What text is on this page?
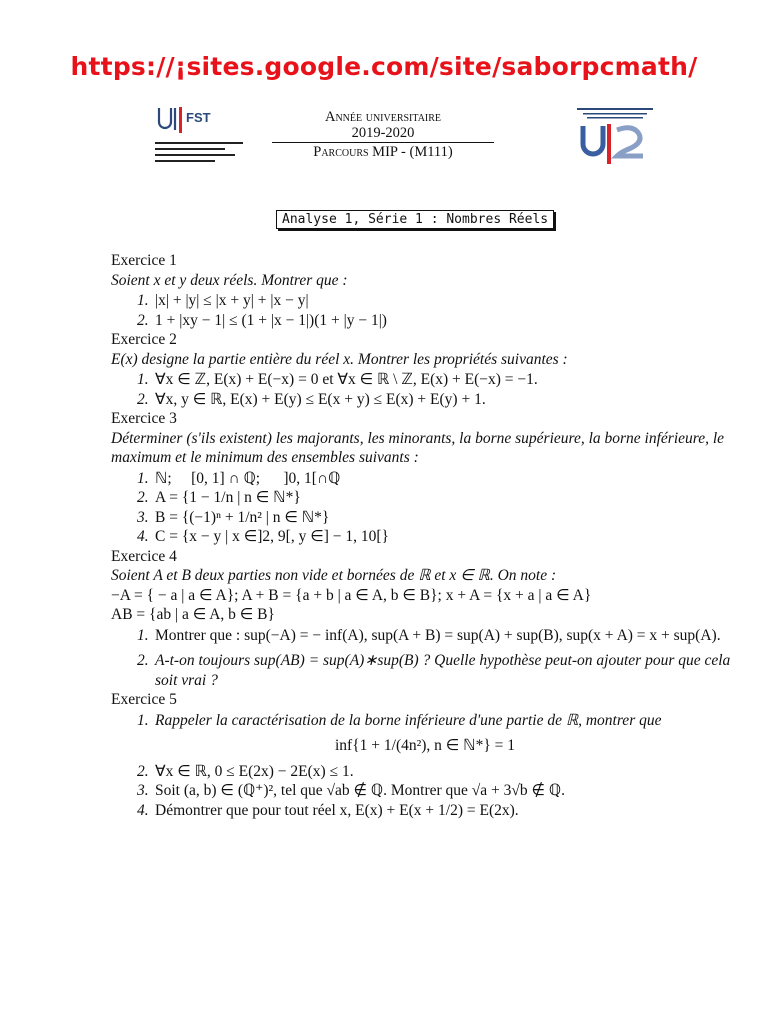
https://¡sites.google.com/site/saborpcmath/
FST	Année universitaire
2019-2020
Parcours MIP - (M111)
Analyse 1, Série 1 : Nombres Réels
Exercice 1
Soient x et y deux réels. Montrer que :
1. |x| + |y| ≤ |x + y| + |x − y|
2. 1 + |xy − 1| ≤ (1 + |x − 1|)(1 + |y − 1|)
Exercice 2
E(x) designe la partie entière du réel x. Montrer les propriétés suivantes :
1. ∀x ∈ ℤ, E(x) + E(−x) = 0 et ∀x ∈ ℝ \ ℤ, E(x) + E(−x) = −1.
2. ∀x, y ∈ ℝ, E(x) + E(y) ≤ E(x + y) ≤ E(x) + E(y) + 1.
Exercice 3
Déterminer (s'ils existent) les majorants, les minorants, la borne supérieure, la borne inférieure, le maximum et le minimum des ensembles suivants :
1. ℕ;     [0, 1] ∩ ℚ;      ]0, 1[∩ℚ
2. A = {1 − 1/n | n ∈ ℕ*}
3. B = {(−1)ⁿ + 1/n² | n ∈ ℕ*}
4. C = {x − y | x ∈]2, 9[, y ∈] − 1, 10[}
Exercice 4
Soient A et B deux parties non vide et bornées de ℝ et x ∈ ℝ. On note :
−A = { − a | a ∈ A}; A + B = {a + b | a ∈ A, b ∈ B}; x + A = {x + a | a ∈ A}
AB = {ab | a ∈ A, b ∈ B}
1. Montrer que : sup(−A) = − inf(A), sup(A + B) = sup(A) + sup(B), sup(x + A) = x + sup(A).
2. A-t-on toujours sup(AB) = sup(A)∗sup(B) ? Quelle hypothèse peut-on ajouter pour que cela soit vrai ?
Exercice 5
1. Rappeler la caractérisation de la borne inférieure d'une partie de ℝ, montrer que
inf{1 + 1/(4n²), n ∈ ℕ*} = 1
2. ∀x ∈ ℝ, 0 ≤ E(2x) − 2E(x) ≤ 1.
3. Soit (a, b) ∈ (ℚ⁺)², tel que √ab ∉ ℚ. Montrer que √a + 3√b ∉ ℚ.
4. Démontrer que pour tout réel x, E(x) + E(x + 1/2) = E(2x).
